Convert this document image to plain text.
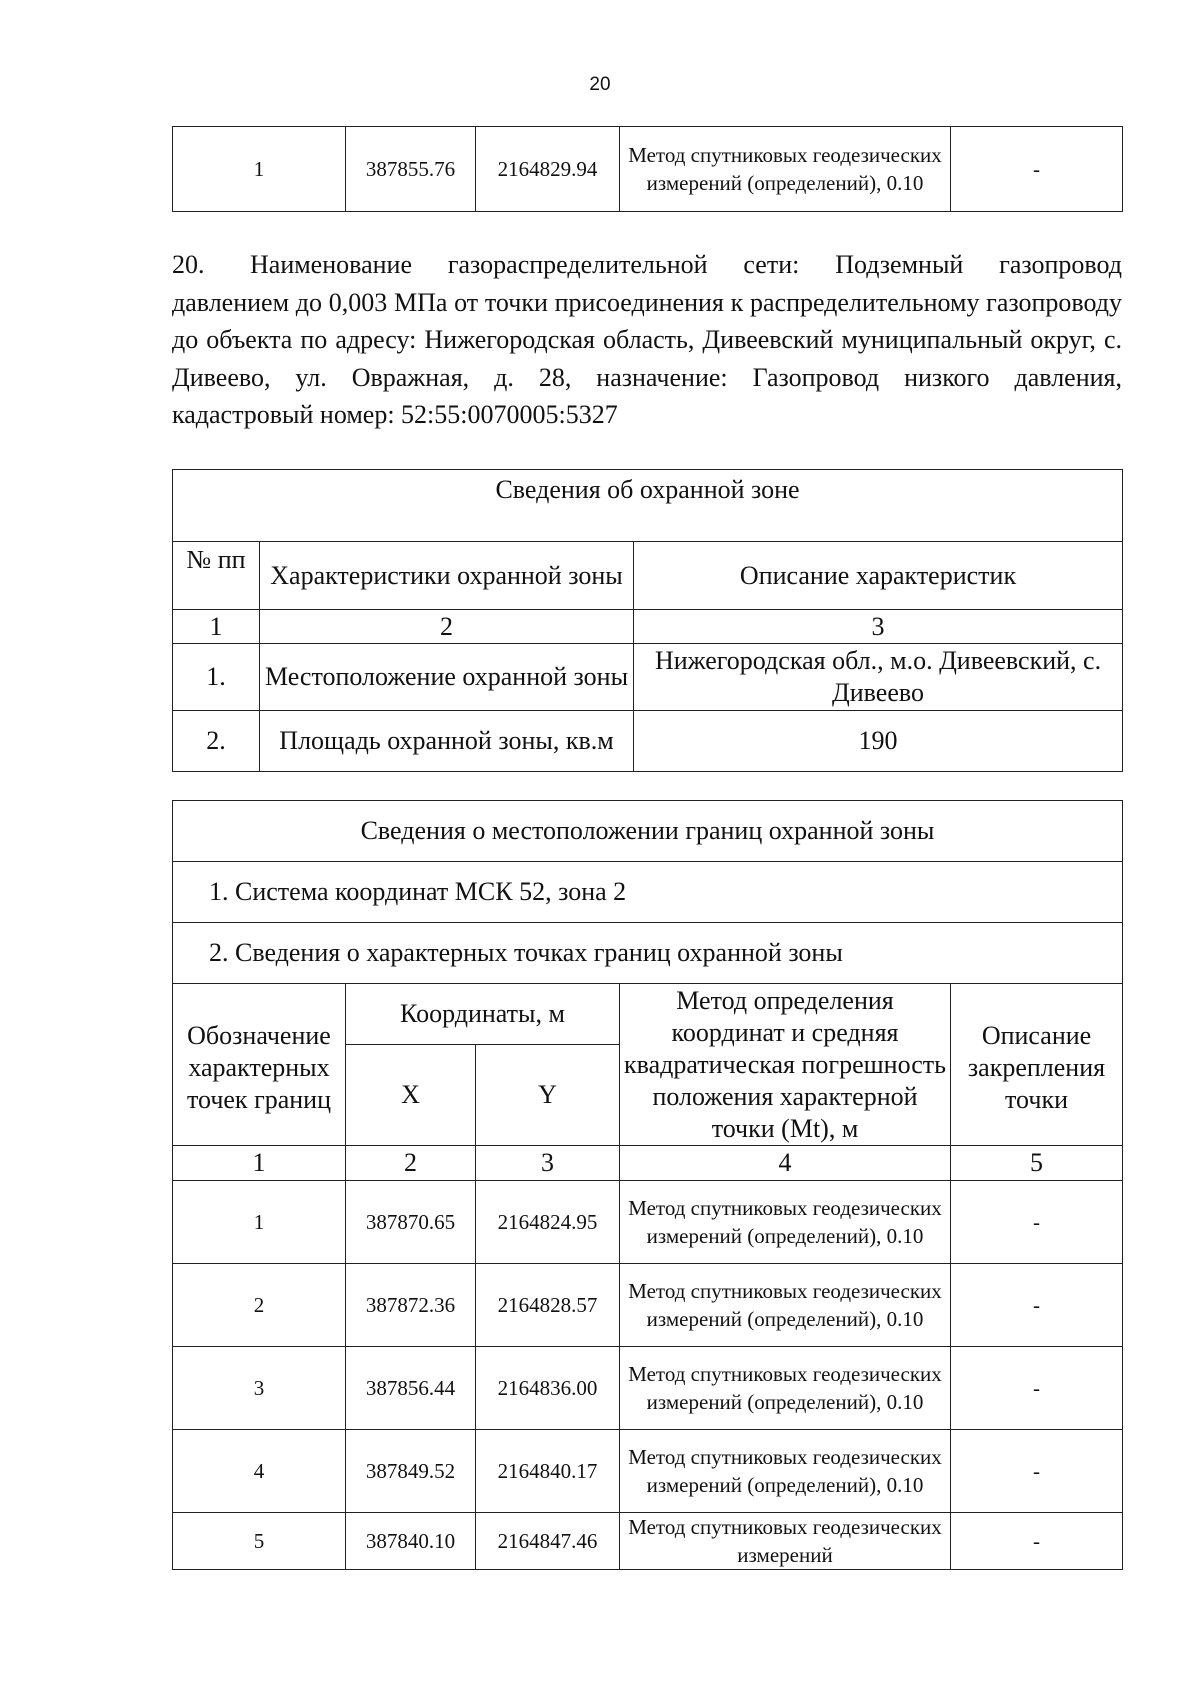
20
1	387855.76	2164829.94	Метод спутниковых геодезических измерений (определений), 0.10	-
20. Наименование газораспределительной сети: Подземный газопровод давлением до 0,003 МПа от точки присоединения к распределительному газопроводу до объекта по адресу: Нижегородская область, Дивеевский муниципальный округ, с. Дивеево, ул. Овражная, д. 28, назначение: Газопровод низкого давления, кадастровый номер: 52:55:0070005:5327
Сведения об охранной зоне		
№ пп	Характеристики охранной зоны	Описание характеристик
1	2	3
1.	Местоположение охранной зоны	Нижегородская обл., м.о. Дивеевский, с. Дивеево
2.	Площадь охранной зоны, кв.м	190
Сведения о местоположении границ охранной зоны				
1. Система координат МСК 52, зона 2				
2. Сведения о характерных точках границ охранной зоны				
Обозначение характерных точек границ	Координаты, м		Метод определения координат и средняя квадратическая погрешность положения характерной точки (Mt), м	Описание закрепления точки
	X	Y		
1	2	3	4	5
1	387870.65	2164824.95	Метод спутниковых геодезических измерений (определений), 0.10	-
2	387872.36	2164828.57	Метод спутниковых геодезических измерений (определений), 0.10	-
3	387856.44	2164836.00	Метод спутниковых геодезических измерений (определений), 0.10	-
4	387849.52	2164840.17	Метод спутниковых геодезических измерений (определений), 0.10	-
5	387840.10	2164847.46	Метод спутниковых геодезических измерений	-
